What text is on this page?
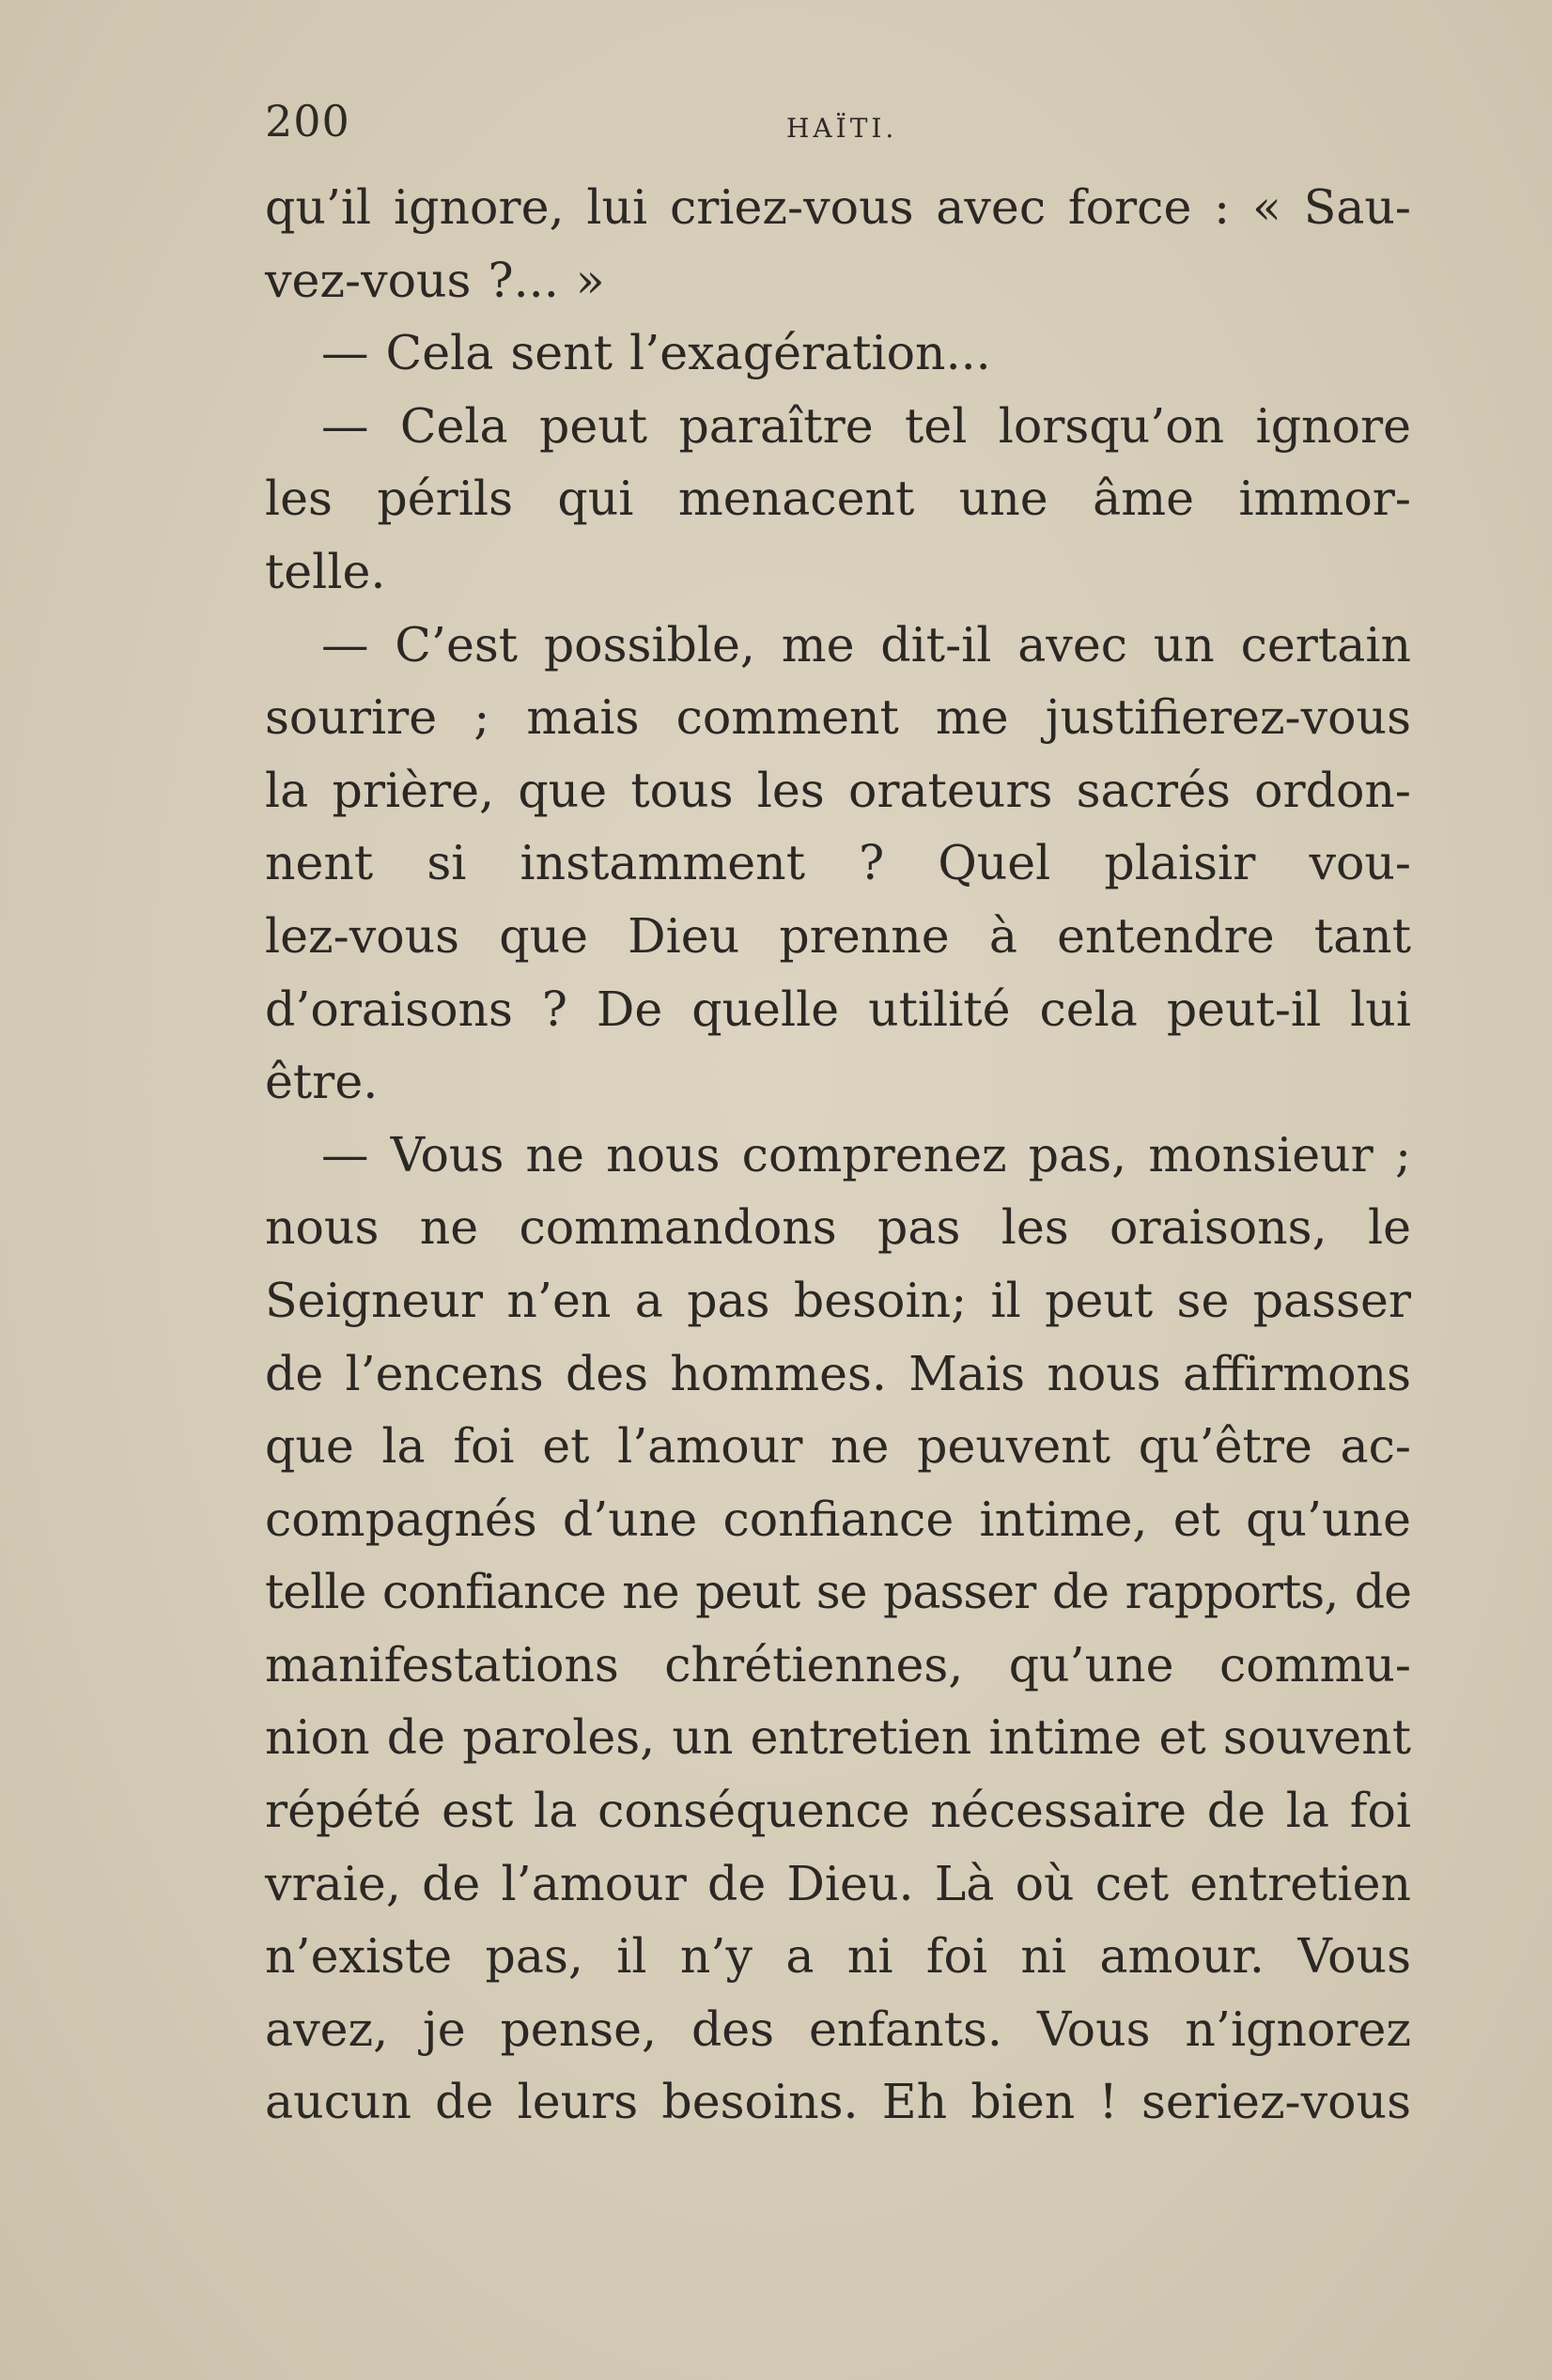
200	HAÏTI.
qu’il ignore, lui criez-vous avec force : « Sau-
vez-vous ?... »
— Cela sent l’exagération...
— Cela peut paraître tel lorsqu’on ignore
les périls qui menacent une âme immor-
telle.
— C’est possible, me dit-il avec un certain
sourire ; mais comment me justifierez-vous
la prière, que tous les orateurs sacrés ordon-
nent si instamment ? Quel plaisir vou-
lez-vous que Dieu prenne à entendre tant
d’oraisons ? De quelle utilité cela peut-il lui
être.
— Vous ne nous comprenez pas, monsieur ;
nous ne commandons pas les oraisons, le
Seigneur n’en a pas besoin; il peut se passer
de l’encens des hommes. Mais nous affirmons
que la foi et l’amour ne peuvent qu’être ac-
compagnés d’une confiance intime, et qu’une
telle confiance ne peut se passer de rapports, de
manifestations chrétiennes, qu’une commu-
nion de paroles, un entretien intime et souvent
répété est la conséquence nécessaire de la foi
vraie, de l’amour de Dieu. Là où cet entretien
n’existe pas, il n’y a ni foi ni amour. Vous
avez, je pense, des enfants. Vous n’ignorez
aucun de leurs besoins. Eh bien ! seriez-vous
